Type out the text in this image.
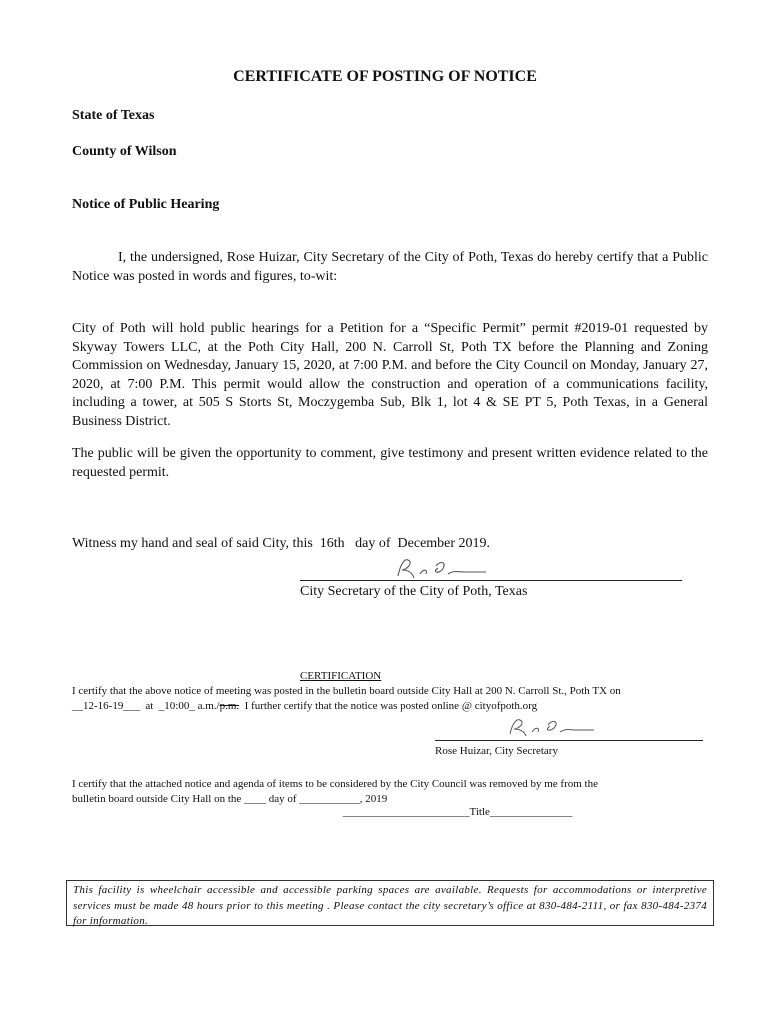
CERTIFICATE OF POSTING OF NOTICE
State of Texas
County of Wilson
Notice of Public Hearing
I, the undersigned, Rose Huizar, City Secretary of the City of Poth, Texas do hereby certify that a Public Notice was posted in words and figures, to-wit:
City of Poth will hold public hearings for a Petition for a “Specific Permit” permit #2019-01 requested by Skyway Towers LLC, at the Poth City Hall, 200 N. Carroll St, Poth TX before the Planning and Zoning Commission on Wednesday, January 15, 2020, at 7:00 P.M. and before the City Council on Monday, January 27, 2020, at 7:00 P.M. This permit would allow the construction and operation of a communications facility, including a tower, at 505 S Storts St, Moczygemba Sub, Blk 1, lot 4 & SE PT 5, Poth Texas, in a General Business District.
The public will be given the opportunity to comment, give testimony and present written evidence related to the requested permit.
Witness my hand and seal of said City, this  16th   day of  December 2019.
City Secretary of the City of Poth, Texas
CERTIFICATION
I certify that the above notice of meeting was posted in the bulletin board outside City Hall at 200 N. Carroll St., Poth TX on
__12-16-19___  at  _10:00_ a.m./p.m.  I further certify that the notice was posted online @ cityofpoth.org
Rose Huizar, City Secretary
I certify that the attached notice and agenda of items to be considered by the City Council was removed by me from the
bulletin board outside City Hall on the ____ day of ___________, 2019
_______________________Title_______________
This facility is wheelchair accessible and accessible parking spaces are available. Requests for accommodations or interpretive services must be made 48 hours prior to this meeting . Please contact the city secretary’s office at 830-484-2111, or fax 830-484-2374 for information.
